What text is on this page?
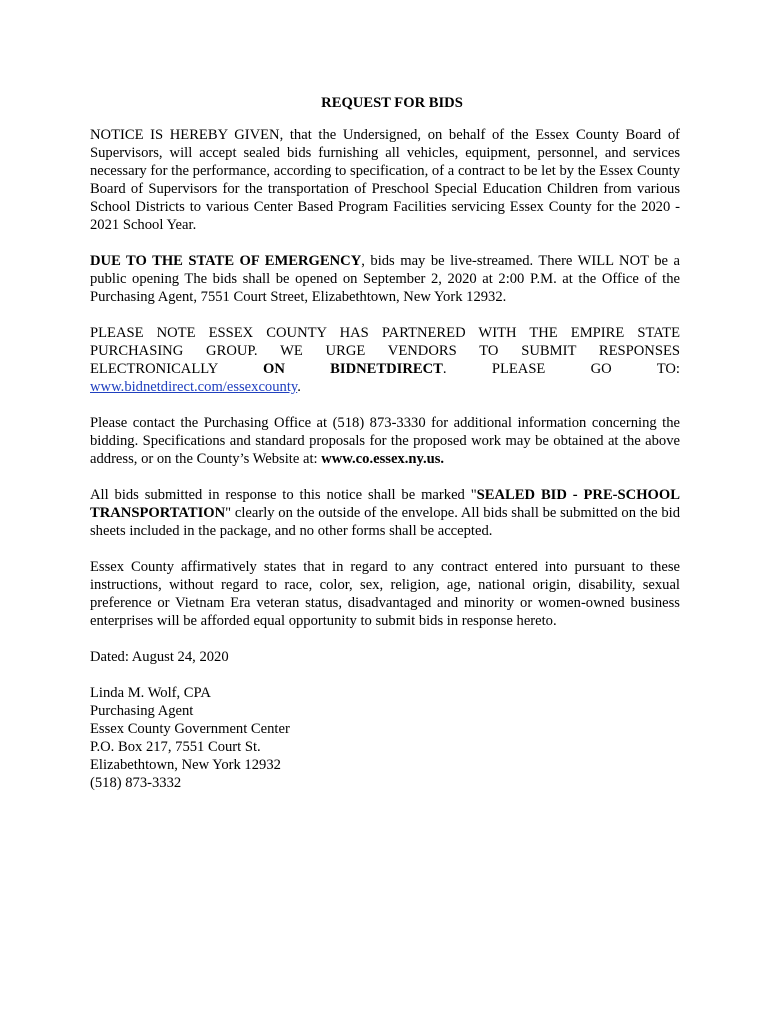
REQUEST FOR BIDS

NOTICE IS HEREBY GIVEN, that the Undersigned, on behalf of the Essex County Board of Supervisors, will accept sealed bids furnishing all vehicles, equipment, personnel, and services necessary for the performance, according to specification, of a contract to be let by the Essex County Board of Supervisors for the transportation of Preschool Special Education Children from various School Districts to various Center Based Program Facilities servicing Essex County for the 2020 - 2021 School Year.

DUE TO THE STATE OF EMERGENCY, bids may be live-streamed. There WILL NOT be a public opening The bids shall be opened on September 2, 2020 at 2:00 P.M. at the Office of the Purchasing Agent, 7551 Court Street, Elizabethtown, New York 12932.

PLEASE NOTE ESSEX COUNTY HAS PARTNERED WITH THE EMPIRE STATE
PURCHASING GROUP. WE URGE VENDORS TO SUBMIT RESPONSES
ELECTRONICALLY	ON	BIDNETDIRECT.	PLEASE	GO	TO:
www.bidnetdirect.com/essexcounty.

Please contact the Purchasing Office at (518) 873-3330 for additional information concerning the bidding. Specifications and standard proposals for the proposed work may be obtained at the above address, or on the County’s Website at: www.co.essex.ny.us.

All bids submitted in response to this notice shall be marked "SEALED BID - PRE-SCHOOL TRANSPORTATION" clearly on the outside of the envelope. All bids shall be submitted on the bid sheets included in the package, and no other forms shall be accepted.

Essex County affirmatively states that in regard to any contract entered into pursuant to these instructions, without regard to race, color, sex, religion, age, national origin, disability, sexual preference or Vietnam Era veteran status, disadvantaged and minority or women-owned business enterprises will be afforded equal opportunity to submit bids in response hereto.

Dated: August 24, 2020

Linda M. Wolf, CPA
Purchasing Agent
Essex County Government Center
P.O. Box 217, 7551 Court St.
Elizabethtown, New York 12932
(518) 873-3332
